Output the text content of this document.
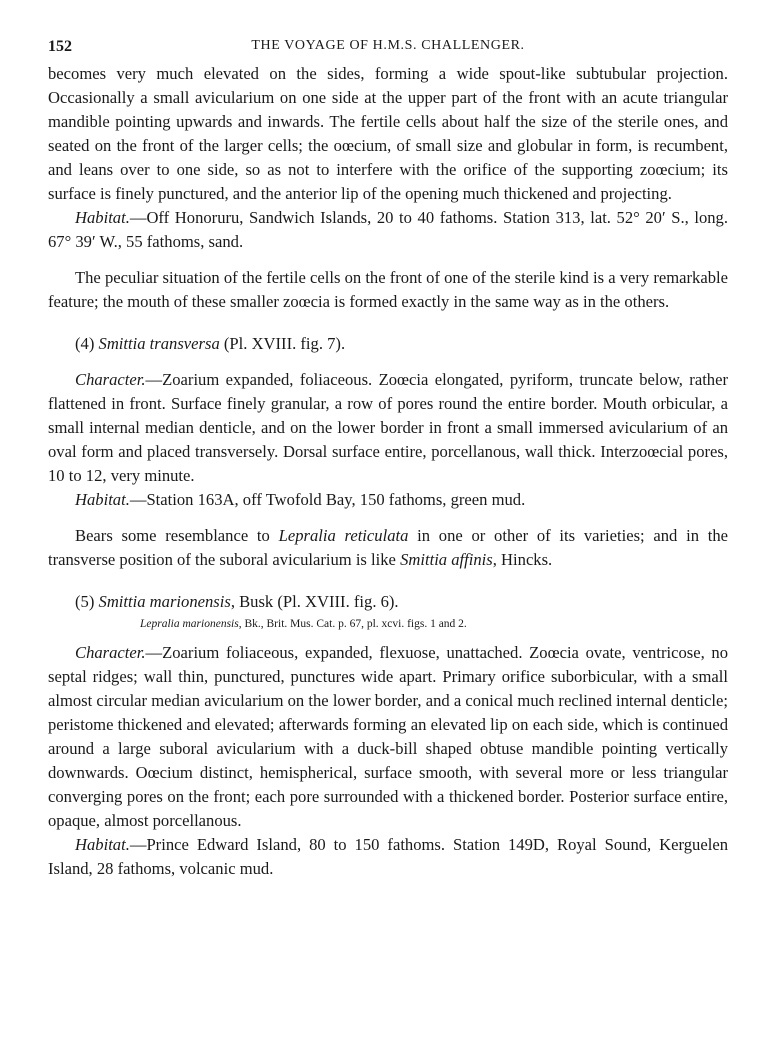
152	THE VOYAGE OF H.M.S. CHALLENGER.

becomes very much elevated on the sides, forming a wide spout-like subtubular projection. Occasionally a small avicularium on one side at the upper part of the front with an acute triangular mandible pointing upwards and inwards. The fertile cells about half the size of the sterile ones, and seated on the front of the larger cells; the oœcium, of small size and globular in form, is recumbent, and leans over to one side, so as not to interfere with the orifice of the supporting zoœcium; its surface is finely punctured, and the anterior lip of the opening much thickened and projecting.

Habitat.—Off Honoruru, Sandwich Islands, 20 to 40 fathoms. Station 313, lat. 52° 20′ S., long. 67° 39′ W., 55 fathoms, sand.

The peculiar situation of the fertile cells on the front of one of the sterile kind is a very remarkable feature; the mouth of these smaller zoœcia is formed exactly in the same way as in the others.

(4) Smittia transversa (Pl. XVIII. fig. 7).

Character.—Zoarium expanded, foliaceous. Zoœcia elongated, pyriform, truncate below, rather flattened in front. Surface finely granular, a row of pores round the entire border. Mouth orbicular, a small internal median denticle, and on the lower border in front a small immersed avicularium of an oval form and placed transversely. Dorsal surface entire, porcellanous, wall thick. Interzoœcial pores, 10 to 12, very minute.

Habitat.—Station 163A, off Twofold Bay, 150 fathoms, green mud.

Bears some resemblance to Lepralia reticulata in one or other of its varieties; and in the transverse position of the suboral avicularium is like Smittia affinis, Hincks.

(5) Smittia marionensis, Busk (Pl. XVIII. fig. 6).

Lepralia marionensis, Bk., Brit. Mus. Cat. p. 67, pl. xcvi. figs. 1 and 2.

Character.—Zoarium foliaceous, expanded, flexuose, unattached. Zoœcia ovate, ventricose, no septal ridges; wall thin, punctured, punctures wide apart. Primary orifice suborbicular, with a small almost circular median avicularium on the lower border, and a conical much reclined internal denticle; peristome thickened and elevated; afterwards forming an elevated lip on each side, which is continued around a large suboral avicularium with a duck-bill shaped obtuse mandible pointing vertically downwards. Oœcium distinct, hemispherical, surface smooth, with several more or less triangular converging pores on the front; each pore surrounded with a thickened border. Posterior surface entire, opaque, almost porcellanous.

Habitat.—Prince Edward Island, 80 to 150 fathoms. Station 149D, Royal Sound, Kerguelen Island, 28 fathoms, volcanic mud.
